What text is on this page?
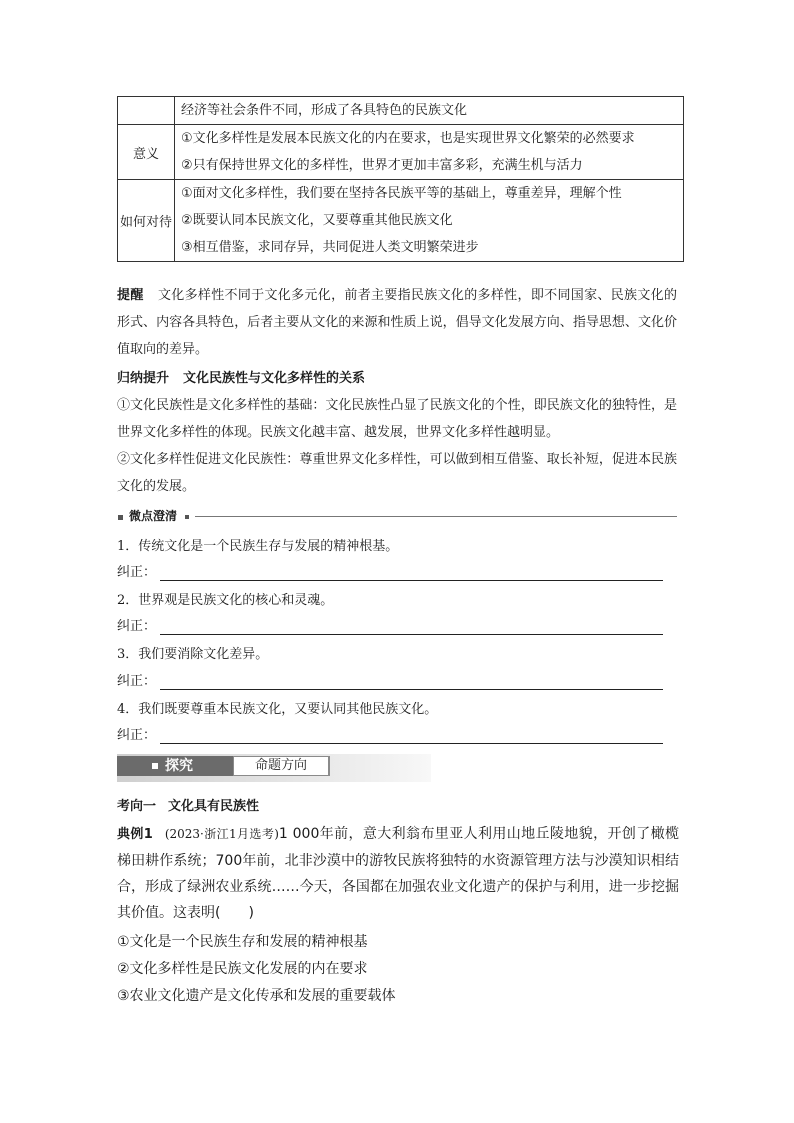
	经济等社会条件不同，形成了各具特色的民族文化

意义	①文化多样性是发展本民族文化的内在要求，也是实现世界文化繁荣的必然要求
②只有保持世界文化的多样性，世界才更加丰富多彩，充满生机与活力

如何对待	①面对文化多样性，我们要在坚持各民族平等的基础上，尊重差异，理解个性
②既要认同本民族文化，又要尊重其他民族文化
③相互借鉴，求同存异，共同促进人类文明繁荣进步

提醒 文化多样性不同于文化多元化，前者主要指民族文化的多样性，即不同国家、民族文化的形式、内容各具特色，后者主要从文化的来源和性质上说，倡导文化发展方向、指导思想、文化价值取向的差异。

归纳提升 文化民族性与文化多样性的关系

①文化民族性是文化多样性的基础：文化民族性凸显了民族文化的个性，即民族文化的独特性，是世界文化多样性的体现。民族文化越丰富、越发展，世界文化多样性越明显。

②文化多样性促进文化民族性：尊重世界文化多样性，可以做到相互借鉴、取长补短，促进本民族文化的发展。

微点澄清
1．传统文化是一个民族生存与发展的精神根基。
纠正：
2．世界观是民族文化的核心和灵魂。
纠正：
3．我们要消除文化差异。
纠正：
4．我们既要尊重本民族文化，又要认同其他民族文化。
纠正：
探究	命题方向
考向一 文化具有民族性

典例1 (2023·浙江1月选考)1 000年前，意大利翁布里亚人利用山地丘陵地貌，开创了橄榄梯田耕作系统；700年前，北非沙漠中的游牧民族将独特的水资源管理方法与沙漠知识相结合，形成了绿洲农业系统……今天，各国都在加强农业文化遗产的保护与利用，进一步挖掘其价值。这表明(　　)

①文化是一个民族生存和发展的精神根基
②文化多样性是民族文化发展的内在要求
③农业文化遗产是文化传承和发展的重要载体
